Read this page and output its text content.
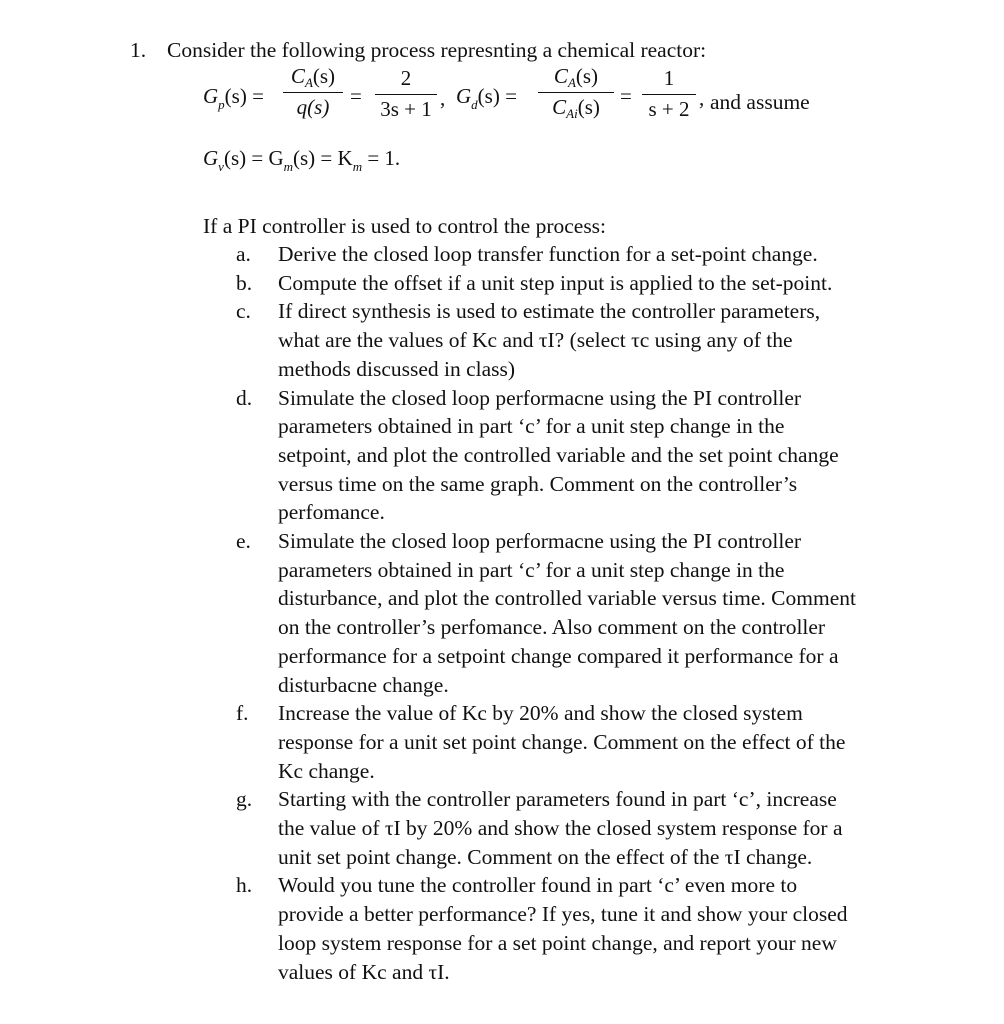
1. Consider the following process represnting a chemical reactor:
$G_p(s)$ =
CA(s)
q(s) =
2
3s + 1 , $G_d(s)$ =
CA(s)
CAi(s) =
1
s + 2 , and assume
$G_v(s) = G_m(s) = K_m = 1$.
If a PI controller is used to control the process:
a.	Derive the closed loop transfer function for a set-point change.
b.	Compute the offset if a unit step input is applied to the set-point.
c.	If direct synthesis is used to estimate the controller parameters,
what are the values of Kc and τI? (select τc using any of the
methods discussed in class)
d.	Simulate the closed loop performacne using the PI controller
parameters obtained in part ‘c’ for a unit step change in the
setpoint, and plot the controlled variable and the set point change
versus time on the same graph. Comment on the controller’s
perfomance.
e.	Simulate the closed loop performacne using the PI controller
parameters obtained in part ‘c’ for a unit step change in the
disturbance, and plot the controlled variable versus time. Comment
on the controller’s perfomance. Also comment on the controller
performance for a setpoint change compared it performance for a
disturbacne change.
f.	Increase the value of Kc by 20% and show the closed system
response for a unit set point change. Comment on the effect of the
Kc change.
g.	Starting with the controller parameters found in part ‘c’, increase
the value of τI by 20% and show the closed system response for a
unit set point change. Comment on the effect of the τI change.
h.	Would you tune the controller found in part ‘c’ even more to
provide a better performance? If yes, tune it and show your closed
loop system response for a set point change, and report your new
values of Kc and τI.
